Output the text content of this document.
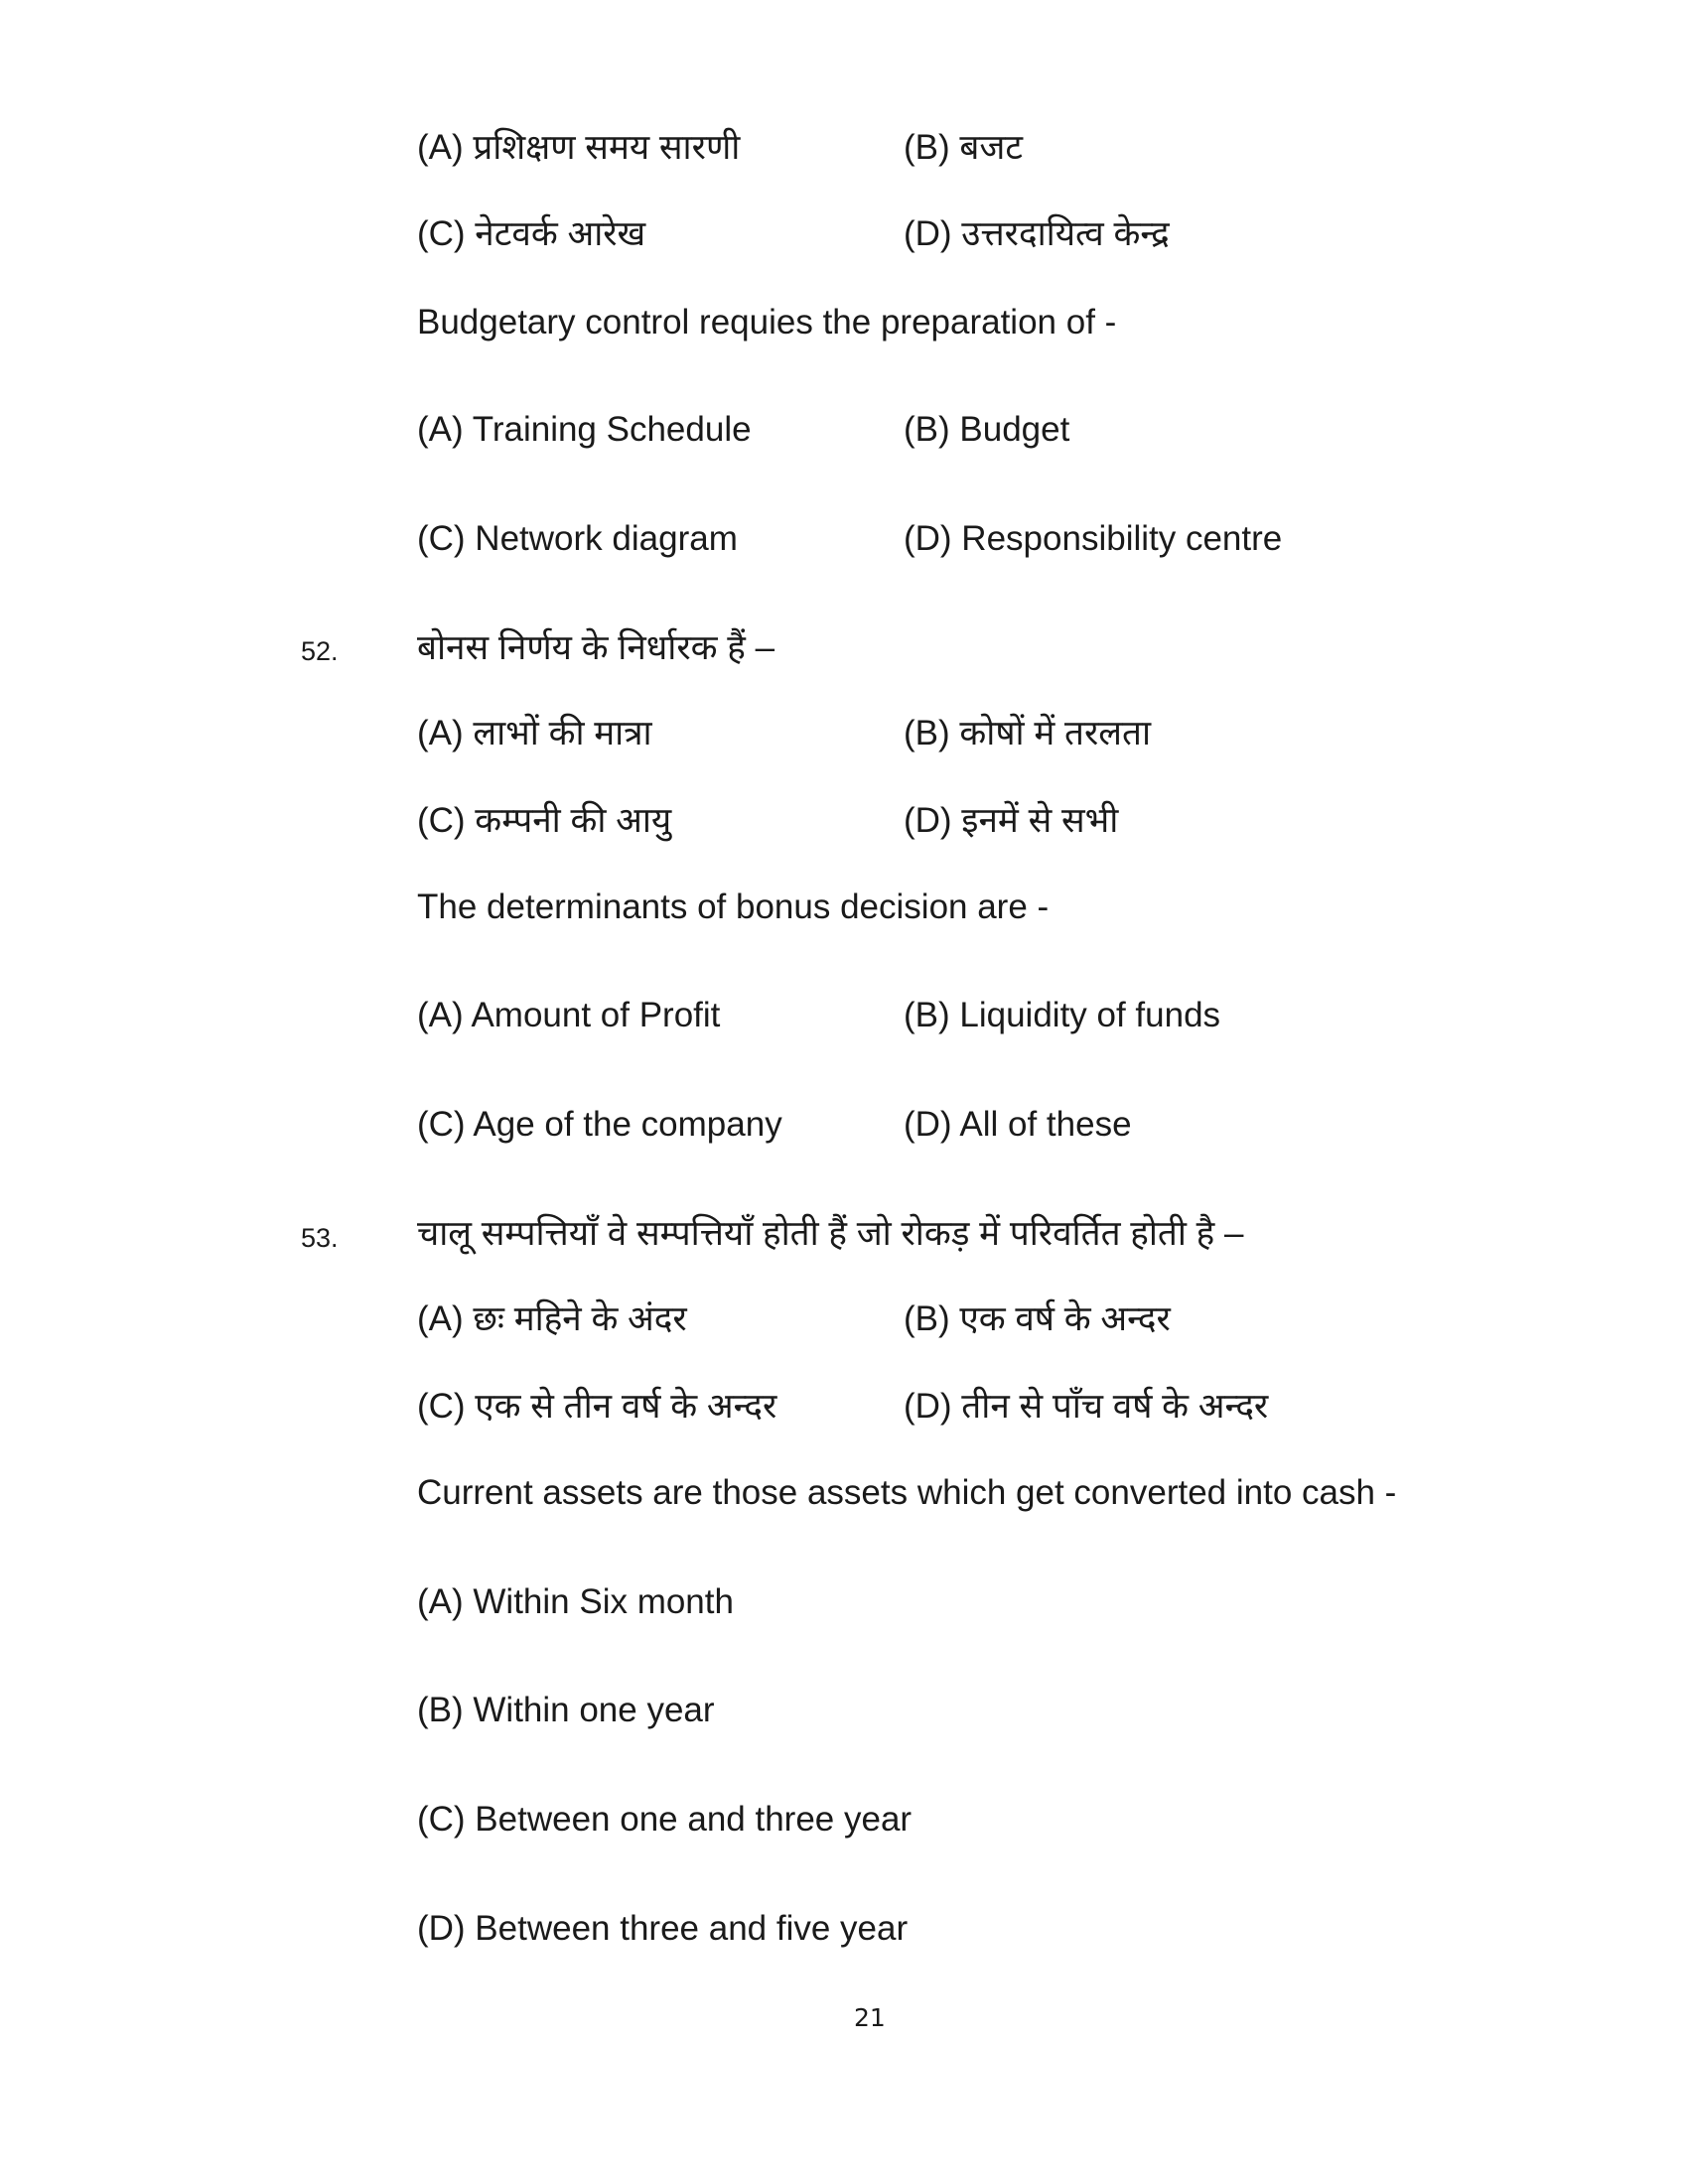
(A) प्रशिक्षण समय सारणी	(B) बजट
(C) नेटवर्क आरेख	(D) उत्तरदायित्व केन्द्र
Budgetary control requies the preparation of -
(A) Training Schedule	(B) Budget
(C) Network diagram	(D) Responsibility centre
52. बोनस निर्णय के निर्धारक हैं –
(A) लाभों की मात्रा	(B) कोषों में तरलता
(C) कम्पनी की आयु	(D) इनमें से सभी
The determinants of bonus decision are -
(A) Amount of Profit	(B) Liquidity of funds
(C) Age of the company	(D) All of these
53. चालू सम्पत्तियाँ वे सम्पत्तियाँ होती हैं जो रोकड़ में परिवर्तित होती है –
(A) छः महिने के अंदर	(B) एक वर्ष के अन्दर
(C) एक से तीन वर्ष के अन्दर	(D) तीन से पाँच वर्ष के अन्दर
Current assets are those assets which get converted into cash -
(A) Within Six month
(B) Within one year
(C) Between one and three year
(D) Between three and five year
21
